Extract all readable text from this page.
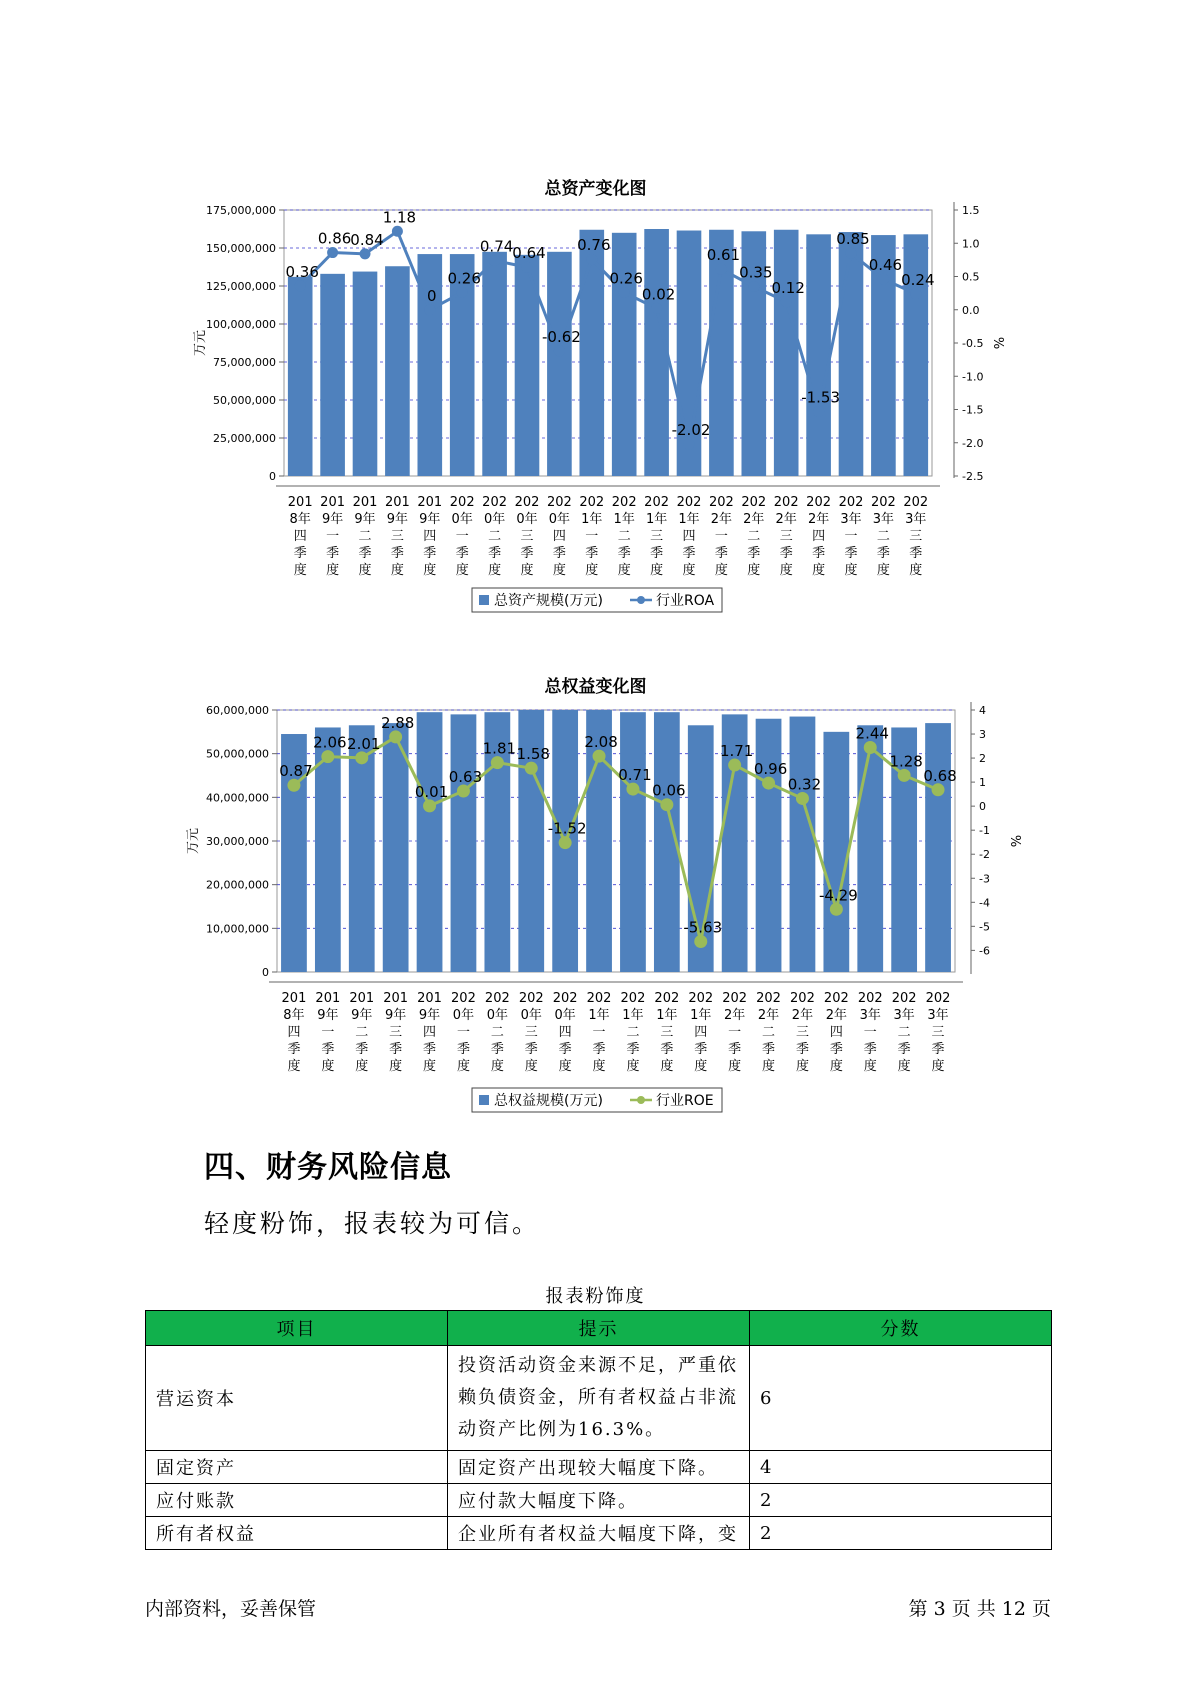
总资产变化图
0
25,000,000
50,000,000
75,000,000
100,000,000
125,000,000
150,000,000
175,000,000
-2.5
-2.0
-1.5
-1.0
-0.5
0.0
0.5
1.0
1.5
万元	%
201
8年
四
季
度
201
9年
一
季
度
201
9年
二
季
度
201
9年
三
季
度
201
9年
四
季
度
202
0年
一
季
度
202
0年
二
季
度
202
0年
三
季
度
202
0年
四
季
度
202
1年
一
季
度
202
1年
二
季
度
202
1年
三
季
度
202
1年
四
季
度
202
2年
一
季
度
202
2年
二
季
度
202
2年
三
季
度
202
2年
四
季
度
202
3年
一
季
度
202
3年
二
季
度
202
3年
三
季
度
0.36
0.86
0.84
1.18
0
0.26
0.74
0.64
-0.62
0.76
0.26
0.02
-2.02
0.61
0.35
0.12
-1.53
0.85
0.46
0.24
总资产规模(万元)	行业ROA
总权益变化图
0
10,000,000
20,000,000
30,000,000
40,000,000
50,000,000
60,000,000
-6
-5
-4
-3
-2
-1
0
1
2
3
4
万元	%
201
8年
四
季
度
201
9年
一
季
度
201
9年
二
季
度
201
9年
三
季
度
201
9年
四
季
度
202
0年
一
季
度
202
0年
二
季
度
202
0年
三
季
度
202
0年
四
季
度
202
1年
一
季
度
202
1年
二
季
度
202
1年
三
季
度
202
1年
四
季
度
202
2年
一
季
度
202
2年
二
季
度
202
2年
三
季
度
202
2年
四
季
度
202
3年
一
季
度
202
3年
二
季
度
202
3年
三
季
度
0.87
2.06 2.01
2.88
0.01
0.63
1.81 1.58
-1.52
2.08
0.71
0.06
-5.63
1.71
0.96
0.32
-4.29
2.44
1.28
0.68
总权益规模(万元)	行业ROE
四、财务风险信息
轻度粉饰，报表较为可信。
报表粉饰度
项目	提示	分数
营运资本	投资活动资金来源不足，严重依赖负债资金，所有者权益占非流动资产比例为16.3%。	6
固定资产	固定资产出现较大幅度下降。	4
应付账款	应付款大幅度下降。	2
所有者权益	企业所有者权益大幅度下降，变	2
内部资料，妥善保管	第 3 页 共 12 页
